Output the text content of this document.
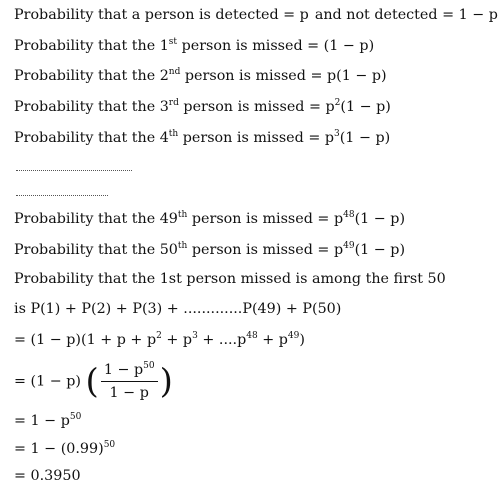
Probability that a person is detected = p and not detected = 1 − p
Probability that the 1st person is missed = (1 − p)
Probability that the 2nd person is missed = p(1 − p)
Probability that the 3rd person is missed = $p^2(1 - p)$
Probability that the 4th person is missed = $p^3(1 - p)$
Probability that the 49th person is missed = $p^{48}(1 - p)$
Probability that the 50th person is missed = $p^{49}(1 - p)$
Probability that the 1st person missed is among the first 50
is P(1) + P(2) + P(3) + .............P(49) + P(50)
= $(1 - p)(1 + p + p^2 + p^3 + ....p^{48} + p^{49})$
= (1 − p) ( $\frac{1 - p^{50}}{1 - p}$ )
= $1 - p^{50}$
= $1 - (0.99)^{50}$
= 0.3950
